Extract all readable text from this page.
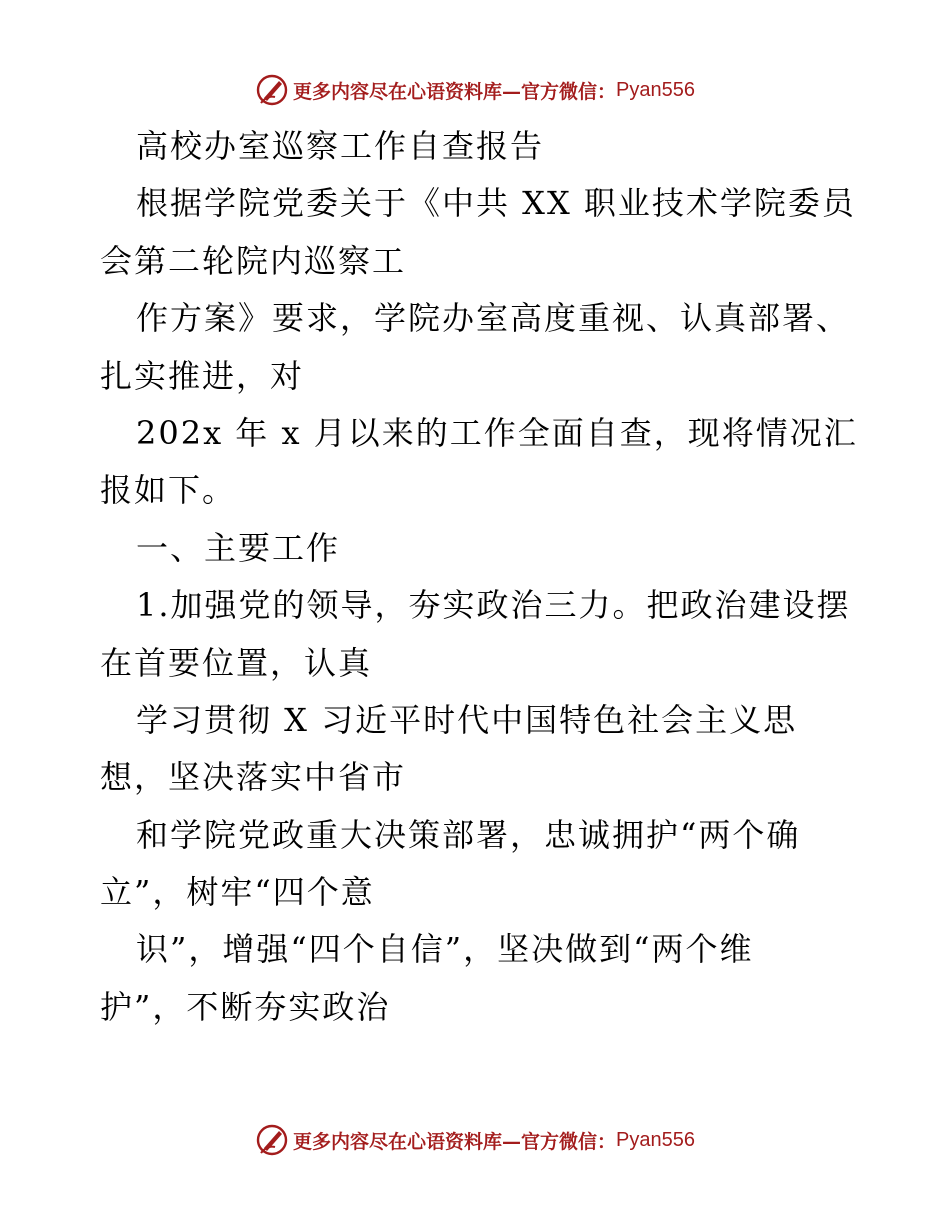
更多内容尽在心语资料库—官方微信： Pyan556
高校办室巡察工作自查报告
根据学院党委关于《中共 XX 职业技术学院委员
会第二轮院内巡察工
作方案》要求，学院办室高度重视、认真部署、
扎实推进，对
202x 年 x 月以来的工作全面自查，现将情况汇
报如下。
一、主要工作
1.加强党的领导，夯实政治三力。把政治建设摆
在首要位置，认真
学习贯彻 X 习近平时代中国特色社会主义思
想，坚决落实中省市
和学院党政重大决策部署，忠诚拥护“两个确
立”，树牢“四个意
识”，增强“四个自信”，坚决做到“两个维
护”，不断夯实政治
更多内容尽在心语资料库—官方微信： Pyan556
